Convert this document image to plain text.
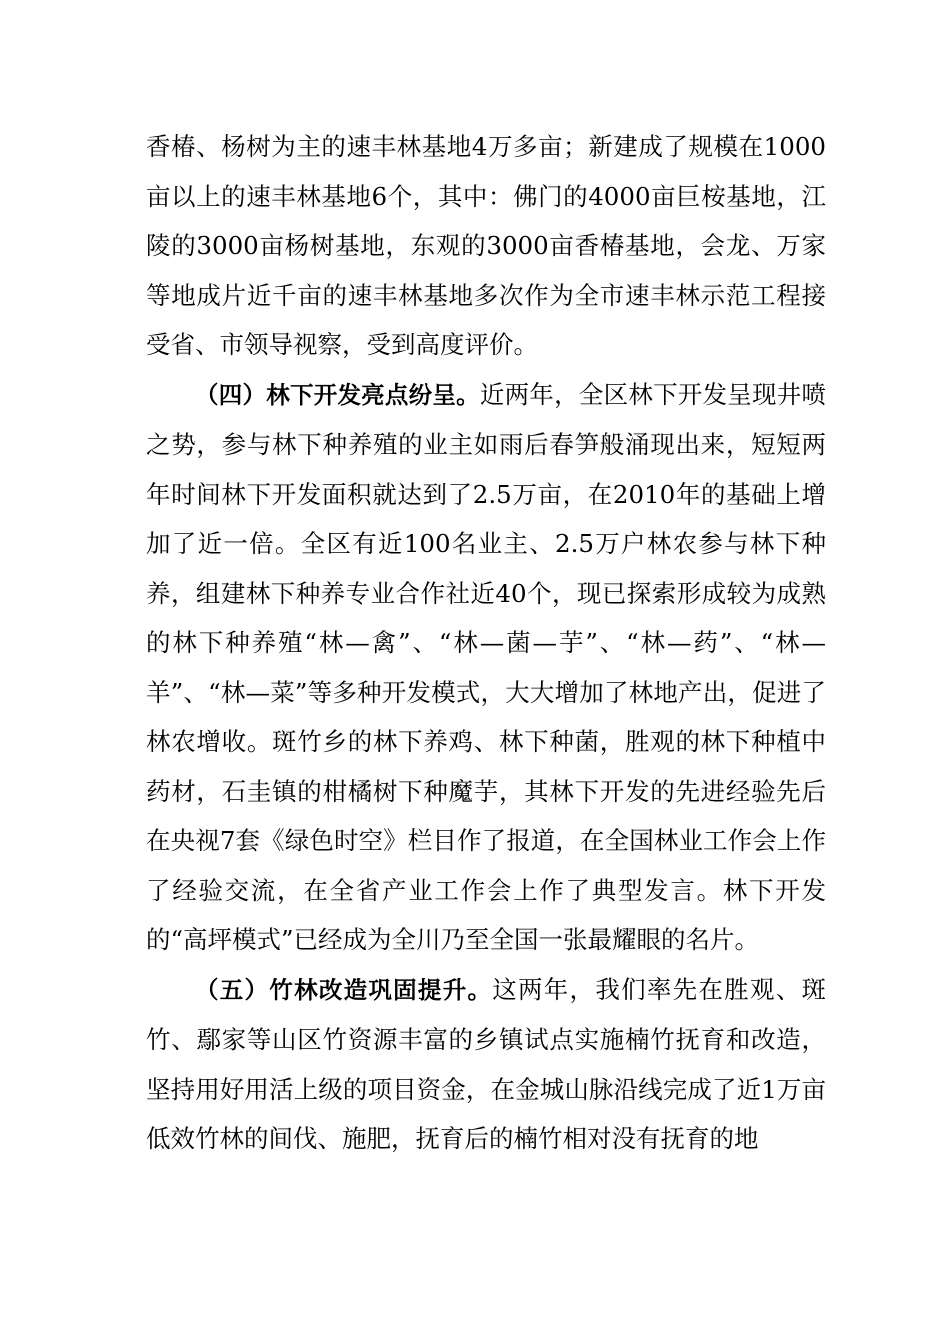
香椿、杨树为主的速丰林基地4万多亩；新建成了规模在1000亩以上的速丰林基地6个，其中：佛门的4000亩巨桉基地，江陵的3000亩杨树基地，东观的3000亩香椿基地，会龙、万家等地成片近千亩的速丰林基地多次作为全市速丰林示范工程接受省、市领导视察，受到高度评价。

（四）林下开发亮点纷呈。近两年，全区林下开发呈现井喷之势，参与林下种养殖的业主如雨后春笋般涌现出来，短短两年时间林下开发面积就达到了2.5万亩，在2010年的基础上增加了近一倍。全区有近100名业主、2.5万户林农参与林下种养，组建林下种养专业合作社近40个，现已探索形成较为成熟的林下种养殖“林—禽”、“林—菌—芋”、“林—药”、“林—羊”、“林—菜”等多种开发模式，大大增加了林地产出，促进了林农增收。斑竹乡的林下养鸡、林下种菌，胜观的林下种植中药材，石圭镇的柑橘树下种魔芋，其林下开发的先进经验先后在央视7套《绿色时空》栏目作了报道，在全国林业工作会上作了经验交流，在全省产业工作会上作了典型发言。林下开发的“高坪模式”已经成为全川乃至全国一张最耀眼的名片。

（五）竹林改造巩固提升。这两年，我们率先在胜观、斑竹、鄢家等山区竹资源丰富的乡镇试点实施楠竹抚育和改造，坚持用好用活上级的项目资金，在金城山脉沿线完成了近1万亩低效竹林的间伐、施肥，抚育后的楠竹相对没有抚育的地
